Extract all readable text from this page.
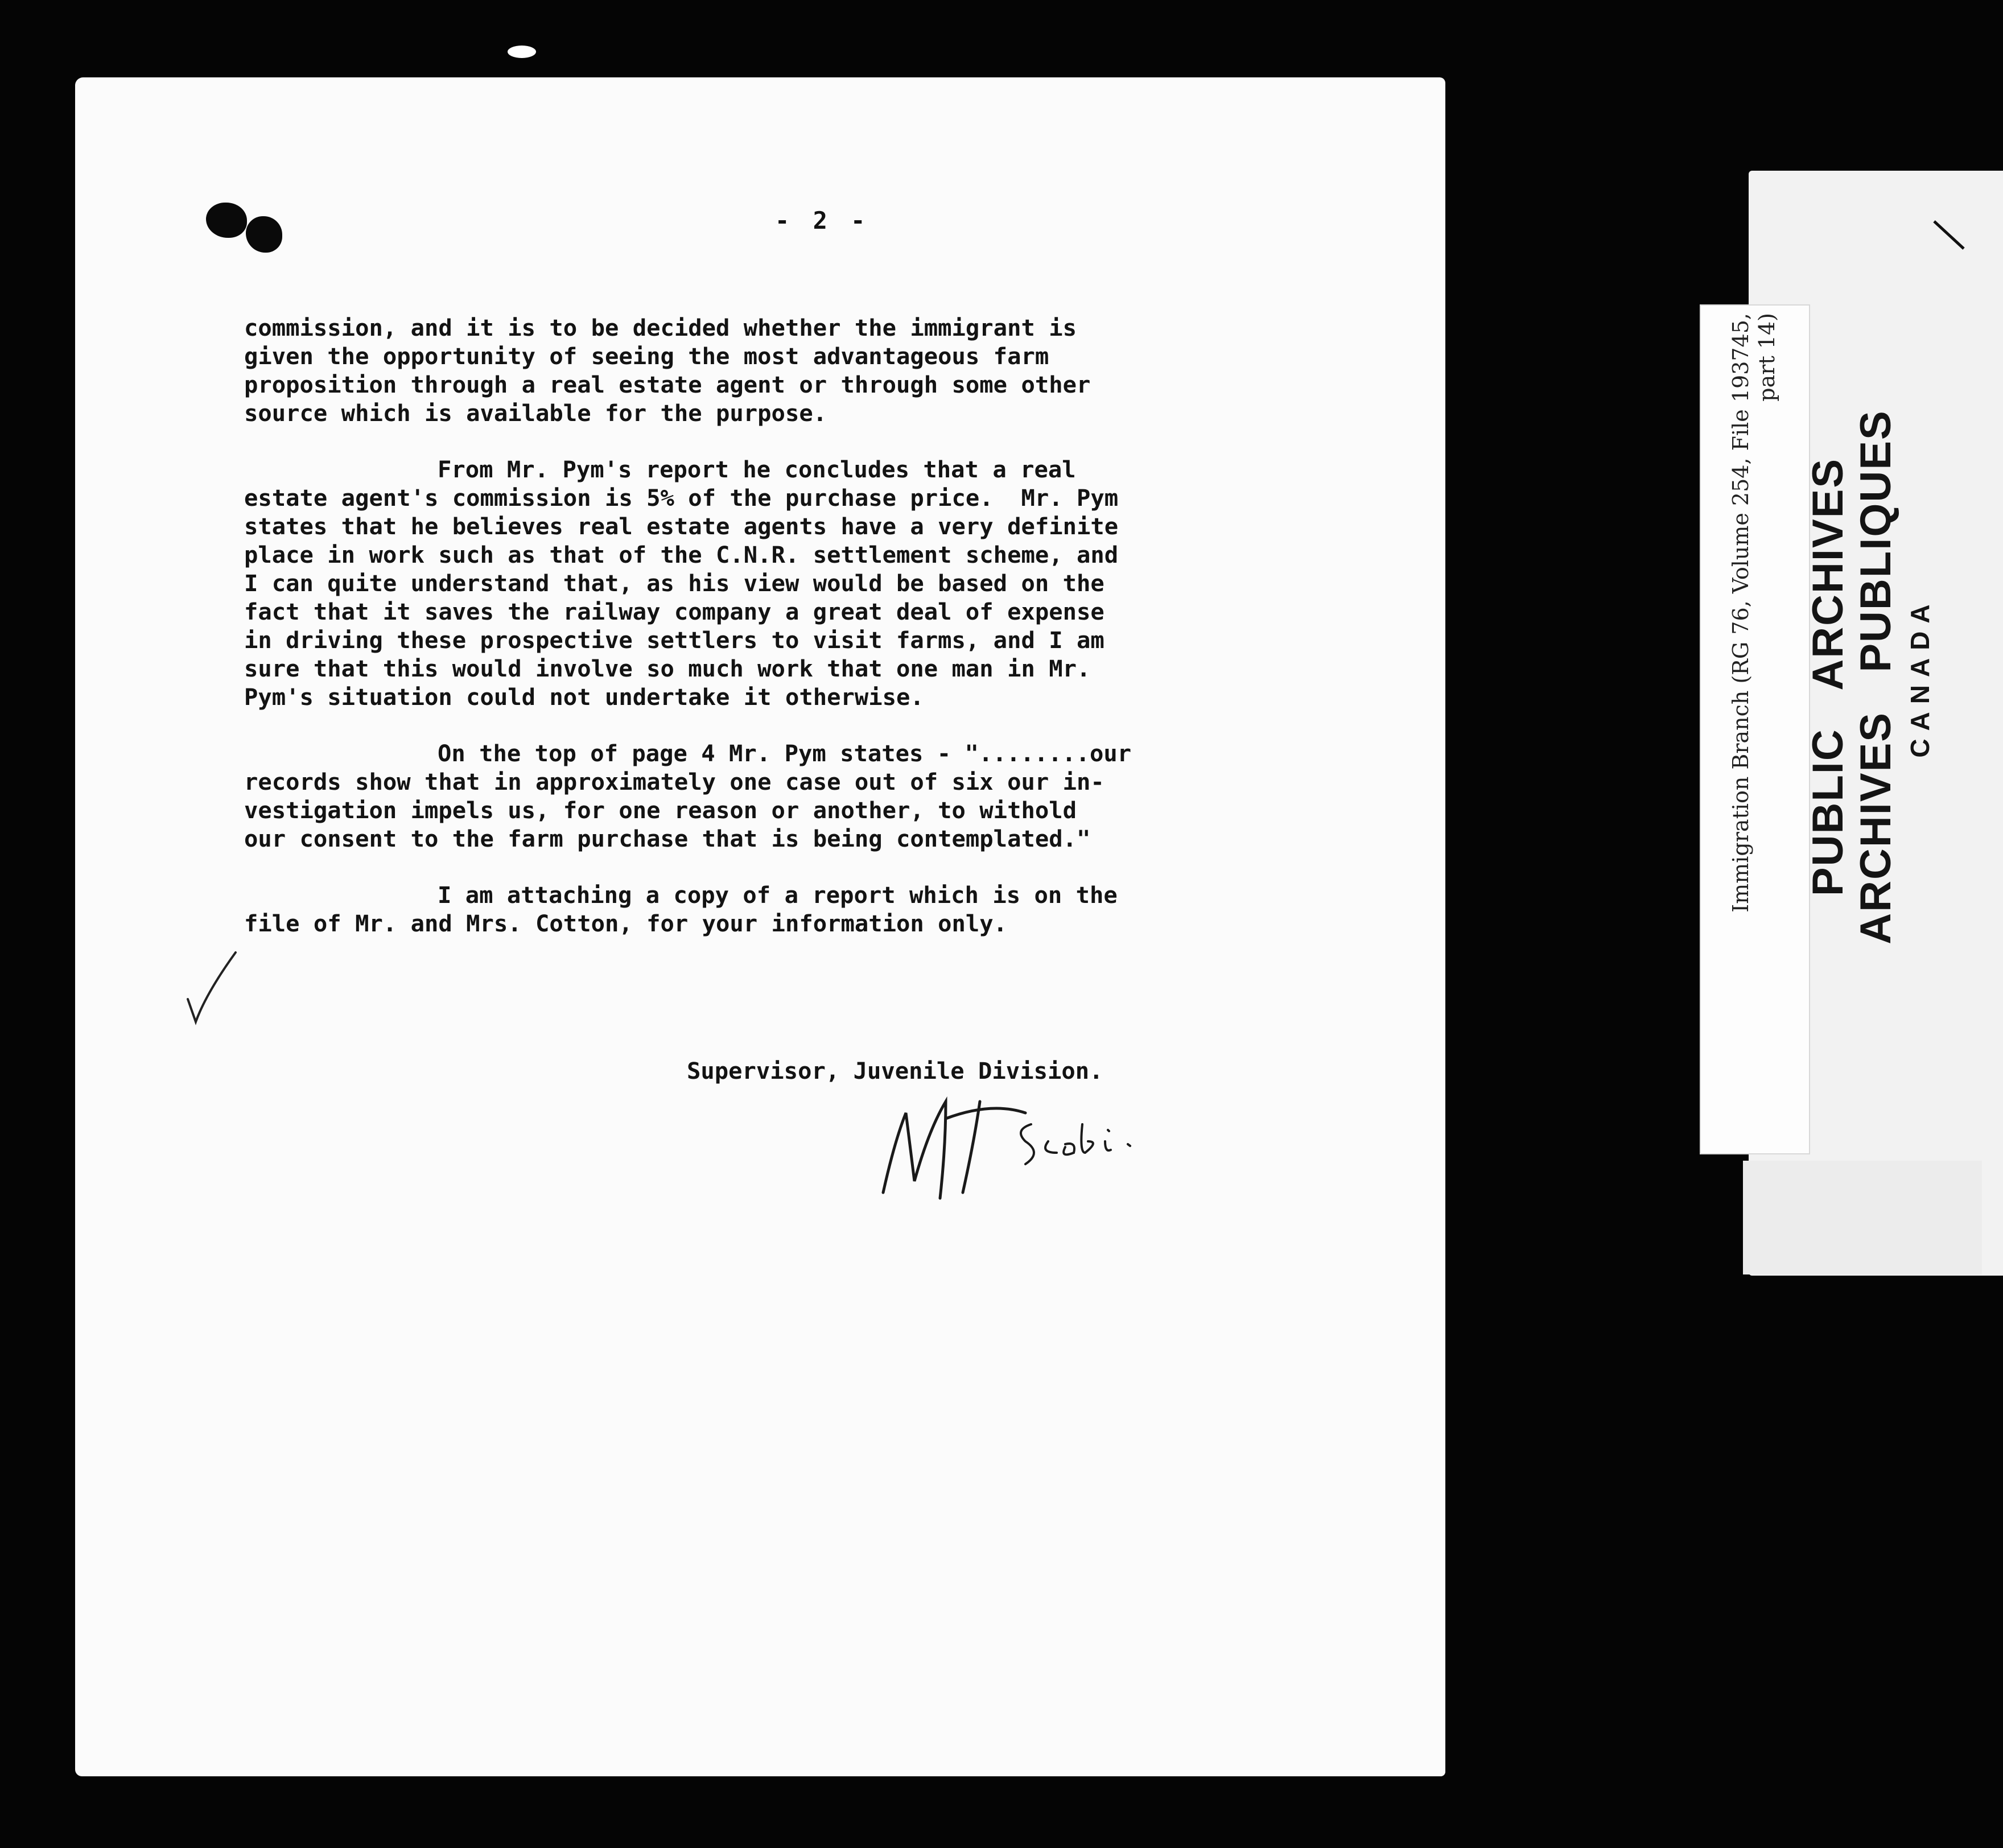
- 2 -

commission, and it is to be decided whether the immigrant is
given the opportunity of seeing the most advantageous farm
proposition through a real estate agent or through some other
source which is available for the purpose.

From Mr. Pym's report he concludes that a real
estate agent's commission is 5% of the purchase price.  Mr. Pym
states that he believes real estate agents have a very definite
place in work such as that of the C.N.R. settlement scheme, and
I can quite understand that, as his view would be based on the
fact that it saves the railway company a great deal of expense
in driving these prospective settlers to visit farms, and I am
sure that this would involve so much work that one man in Mr.
Pym's situation could not undertake it otherwise.

On the top of page 4 Mr. Pym states - "........our
records show that in approximately one case out of six our in-
vestigation impels us, for one reason or another, to withold
our consent to the farm purchase that is being contemplated."

I am attaching a copy of a report which is on the
file of Mr. and Mrs. Cotton, for your information only.

Supervisor, Juvenile Division.
Immigration Branch (RG 76, Volume 254, File 193745, part 14)
PUBLIC   ARCHIVES ARCHIVES   PUBLIQUES CANADA
